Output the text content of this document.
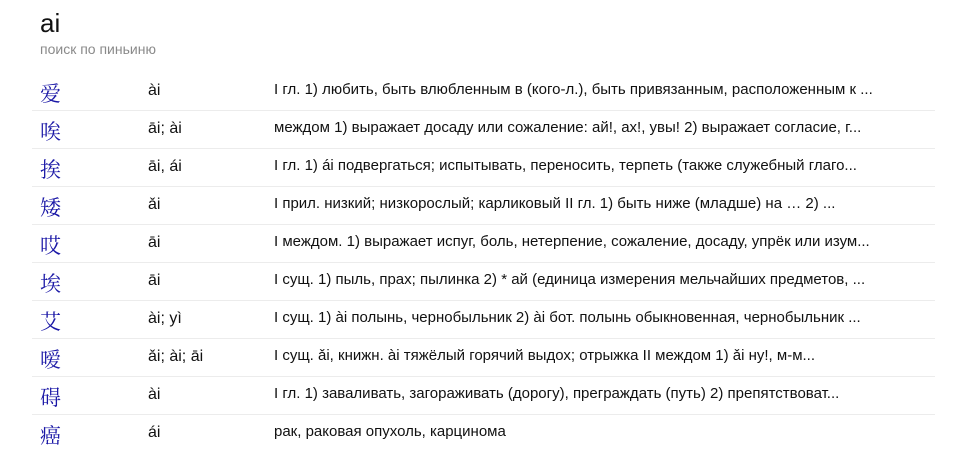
ai
поиск по пиньиню
爱	ài	I гл. 1) любить, быть влюбленным в (кого-л.), быть привязанным, расположенным к ...
唉	āi; ài	междом 1) выражает досаду или сожаление: ай!, ах!, увы! 2) выражает согласие, г...
挨	āi, ái	I гл. 1) ái подвергаться; испытывать, переносить, терпеть (также служебный глаго...
矮	ǎi	I прил. низкий; низкорослый; карликовый II гл. 1) быть ниже (младше) на … 2) ...
哎	āi	I междом. 1) выражает испуг, боль, нетерпение, сожаление, досаду, упрёк или изум...
埃	āi	I сущ. 1) пыль, прах; пылинка 2) * ай (единица измерения мельчайших предметов, ...
艾	ài; yì	I сущ. 1) ài полынь, чернобыльник 2) ài бот. полынь обыкновенная, чернобыльник ...
嗳	ǎi; ài; āi	I сущ. ǎi, книжн. ài тяжёлый горячий выдох; отрыжка II междом 1) ǎi ну!, м-м...
碍	ài	I гл. 1) заваливать, загораживать (дорогу), преграждать (путь) 2) препятствоват...
癌	ái	рак, раковая опухоль, карцинома
